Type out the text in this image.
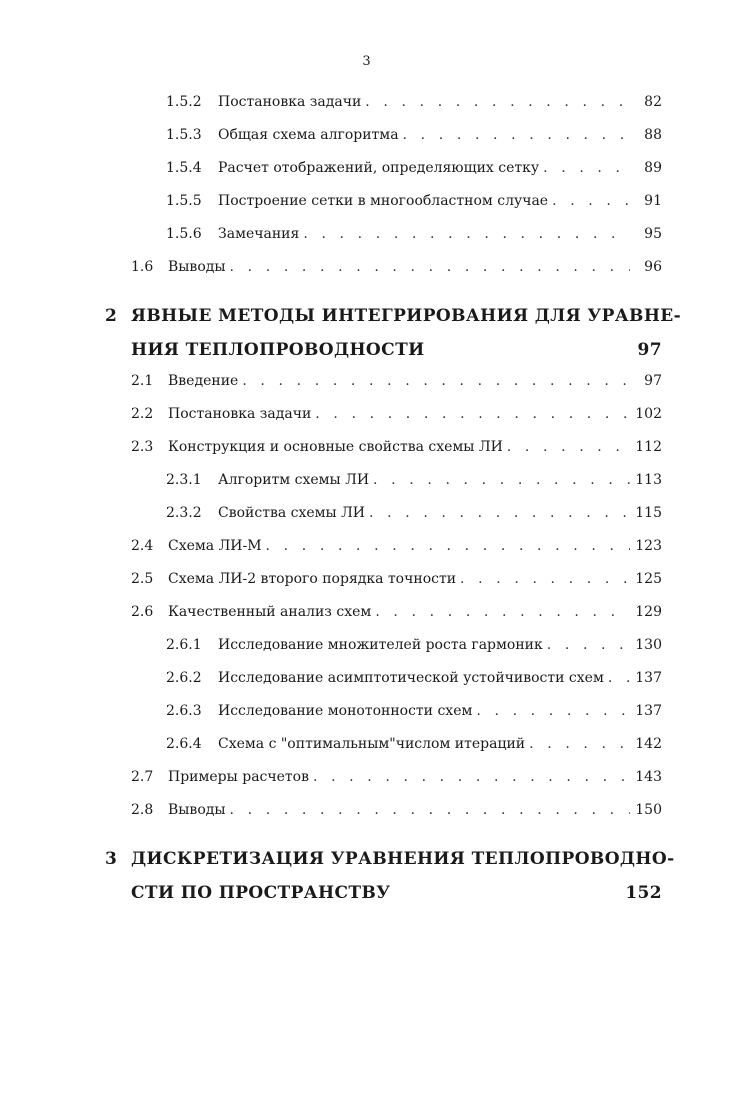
3
1.5.2	Постановка задачи . . .	82
1.5.3	Общая схема алгоритма . . .	88
1.5.4	Расчет отображений, определяющих сетку . . .	89
1.5.5	Построение сетки в многообластном случае . . .	91
1.5.6	Замечания . . .	95
1.6	Выводы . . .	96
2 ЯВНЫЕ МЕТОДЫ ИНТЕГРИРОВАНИЯ ДЛЯ УРАВНЕ-
НИЯ ТЕПЛОПРОВОДНОСТИ	97
2.1	Введение . . .	97
2.2	Постановка задачи . . .	102
2.3	Конструкция и основные свойства схемы ЛИ . . .	112
2.3.1	Алгоритм схемы ЛИ . . .	113
2.3.2	Свойства схемы ЛИ . . .	115
2.4	Схема ЛИ-М . . .	123
2.5	Схема ЛИ-2 второго порядка точности . . .	125
2.6	Качественный анализ схем . . .	129
2.6.1	Исследование множителей роста гармоник . . .	130
2.6.2	Исследование асимптотической устойчивости схем . . . 137
2.6.3	Исследование монотонности схем . . .	137
2.6.4	Схема с "оптимальным"числом итераций . . .	142
2.7	Примеры расчетов . . .	143
2.8	Выводы . . .	150
3 ДИСКРЕТИЗАЦИЯ УРАВНЕНИЯ ТЕПЛОПРОВОДНО-
СТИ ПО ПРОСТРАНСТВУ	152
